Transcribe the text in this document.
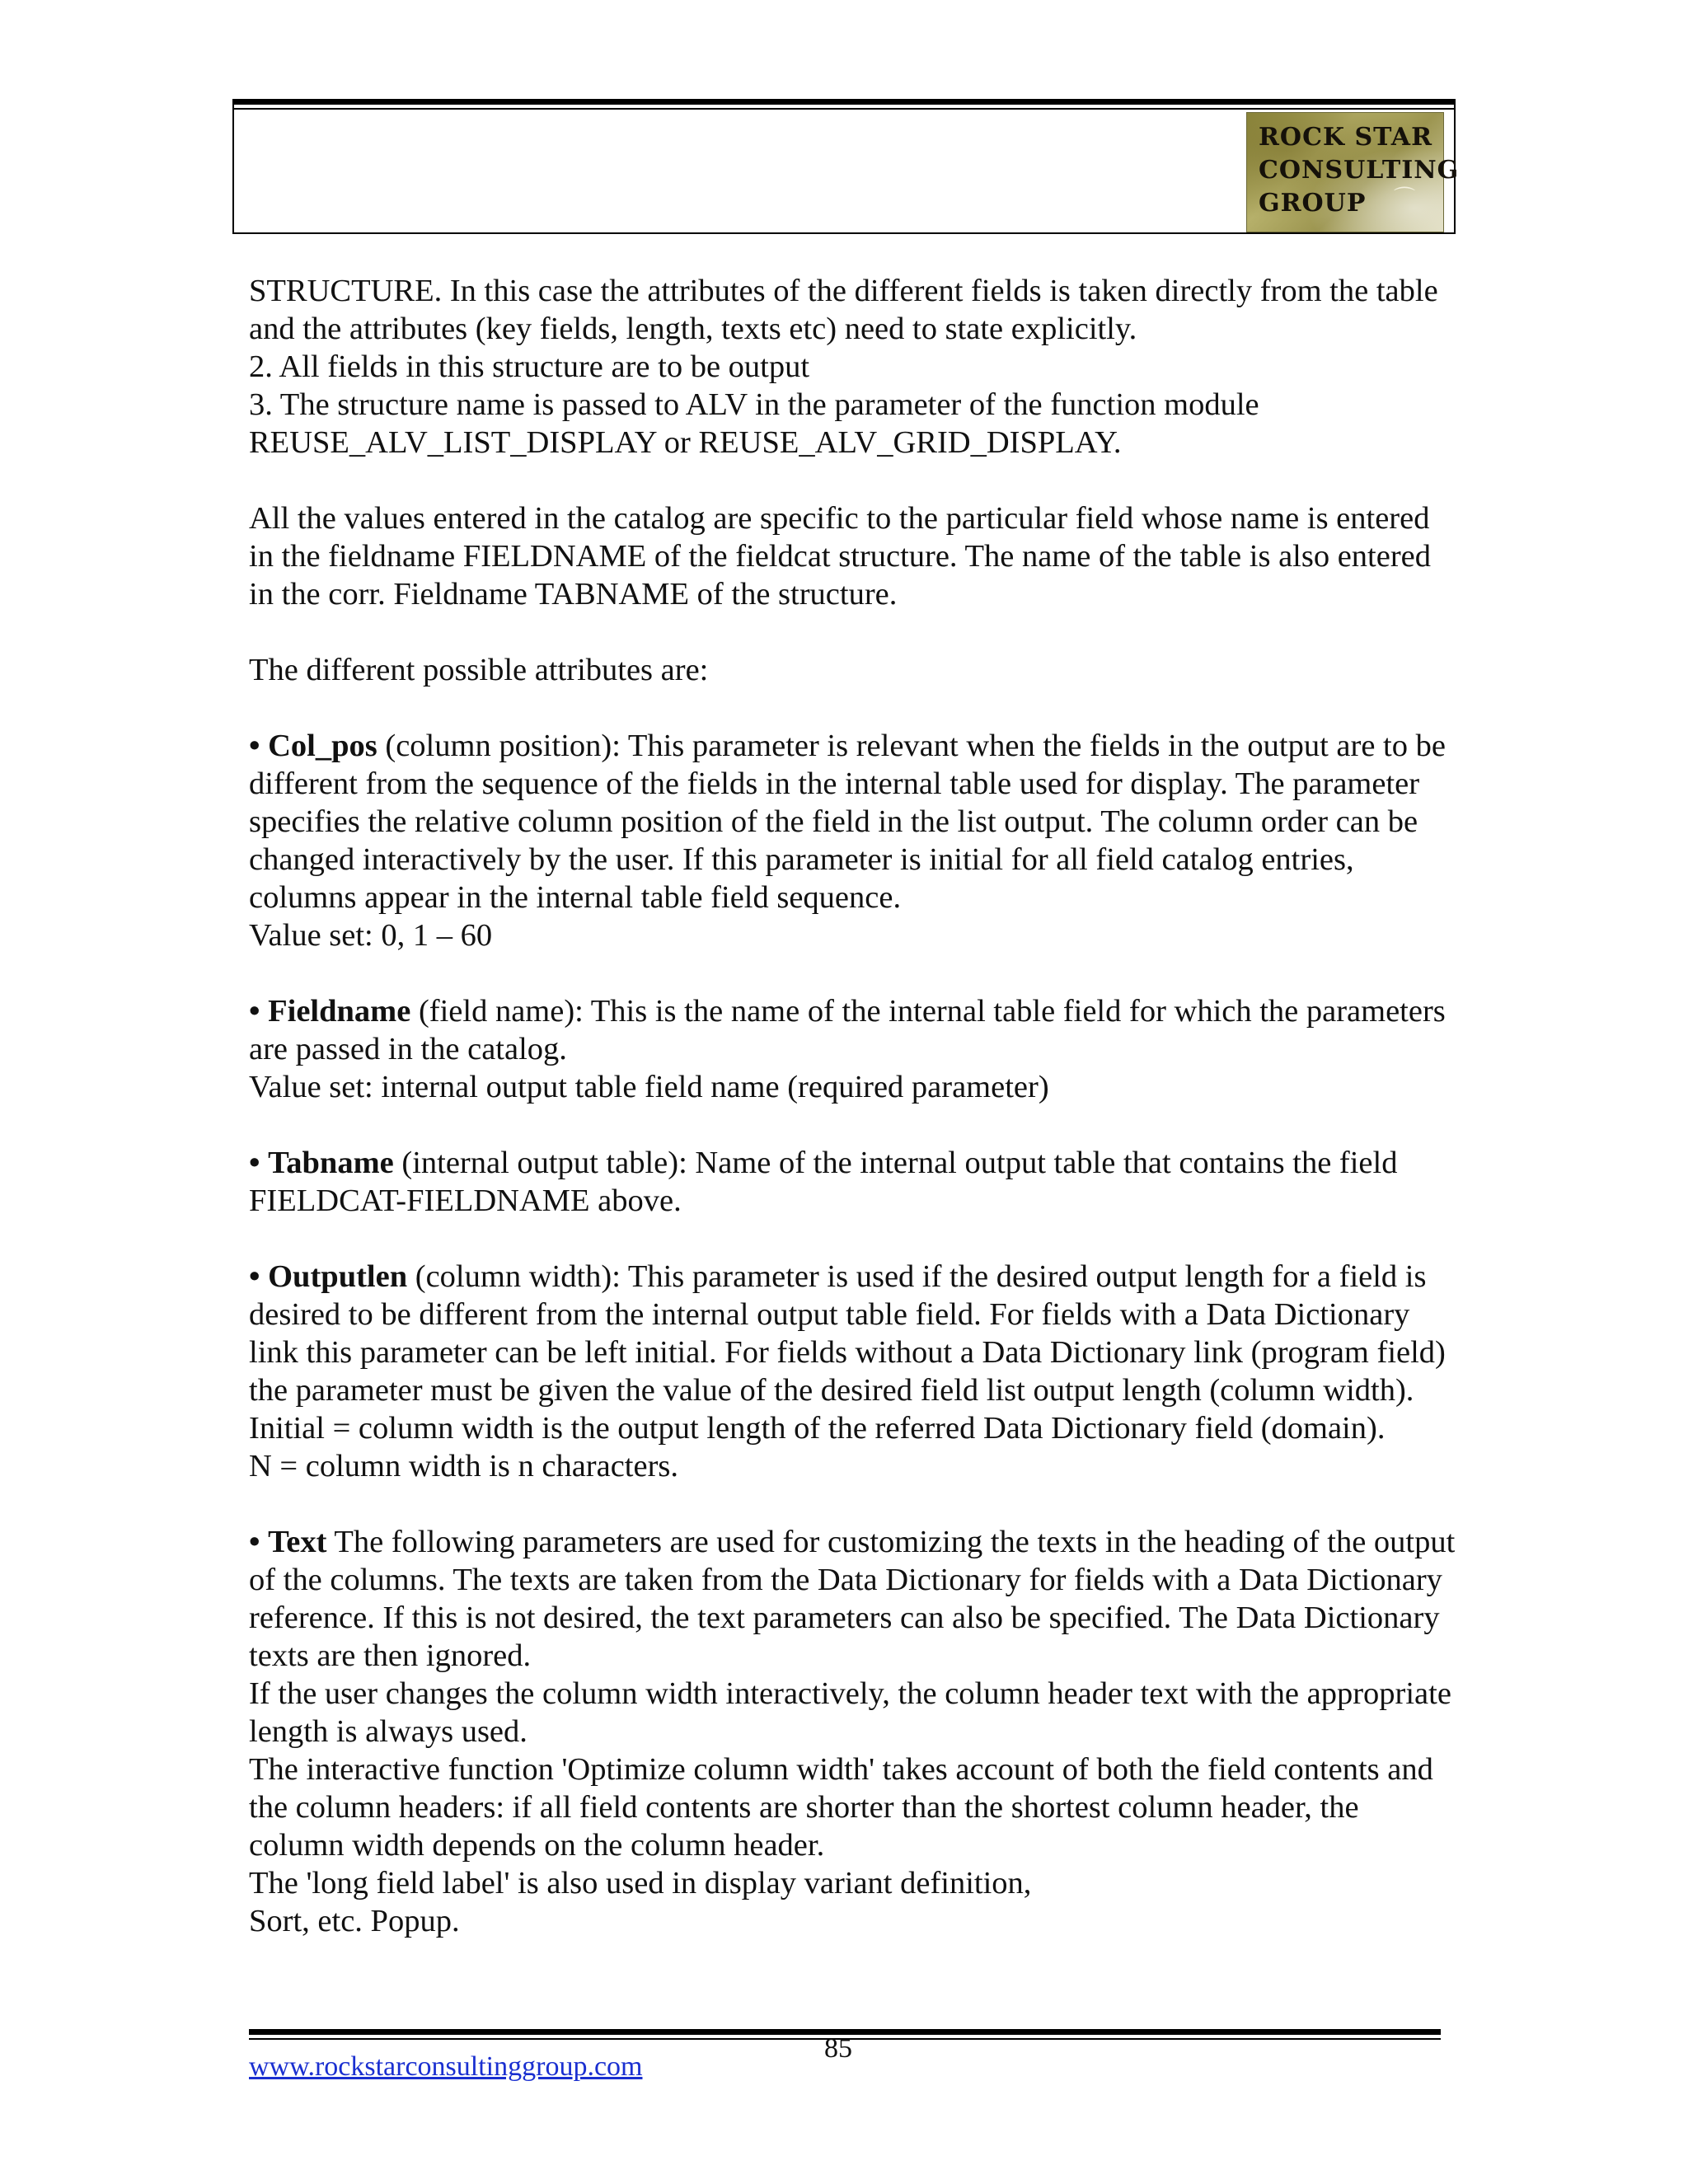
ROCK STAR
CONSULTING
GROUP	⌒

STRUCTURE. In this case the attributes of the different fields is taken directly from the table and the attributes (key fields, length, texts etc) need to state explicitly.

2. All fields in this structure are to be output

3. The structure name is passed to ALV in the parameter of the function module REUSE_ALV_LIST_DISPLAY or REUSE_ALV_GRID_DISPLAY.

All the values entered in the catalog are specific to the particular field whose name is entered in the fieldname FIELDNAME of the fieldcat structure. The name of the table is also entered in the corr. Fieldname TABNAME of the structure.

The different possible attributes are:

• Col_pos (column position): This parameter is relevant when the fields in the output are to be different from the sequence of the fields in the internal table used for display. The parameter specifies the relative column position of the field in the list output. The column order can be changed interactively by the user. If this parameter is initial for all field catalog entries, columns appear in the internal table field sequence.

Value set: 0, 1 – 60

• Fieldname (field name): This is the name of the internal table field for which the parameters are passed in the catalog.

Value set: internal output table field name (required parameter)

• Tabname (internal output table): Name of the internal output table that contains the field FIELDCAT-FIELDNAME above.

• Outputlen (column width): This parameter is used if the desired output length for a field is desired to be different from the internal output table field. For fields with a Data Dictionary link this parameter can be left initial. For fields without a Data Dictionary link (program field) the parameter must be given the value of the desired field list output length (column width).

Initial = column width is the output length of the referred Data Dictionary field (domain).

N = column width is n characters.

• Text The following parameters are used for customizing the texts in the heading of the output of the columns. The texts are taken from the Data Dictionary for fields with a Data Dictionary reference. If this is not desired, the text parameters can also be specified. The Data Dictionary texts are then ignored.

If the user changes the column width interactively, the column header text with the appropriate length is always used.

The interactive function 'Optimize column width' takes account of both the field contents and the column headers: if all field contents are shorter than the shortest column header, the column width depends on the column header.

The 'long field label' is also used in display variant definition,

Sort, etc. Popup.

85
www.rockstarconsultinggroup.com
